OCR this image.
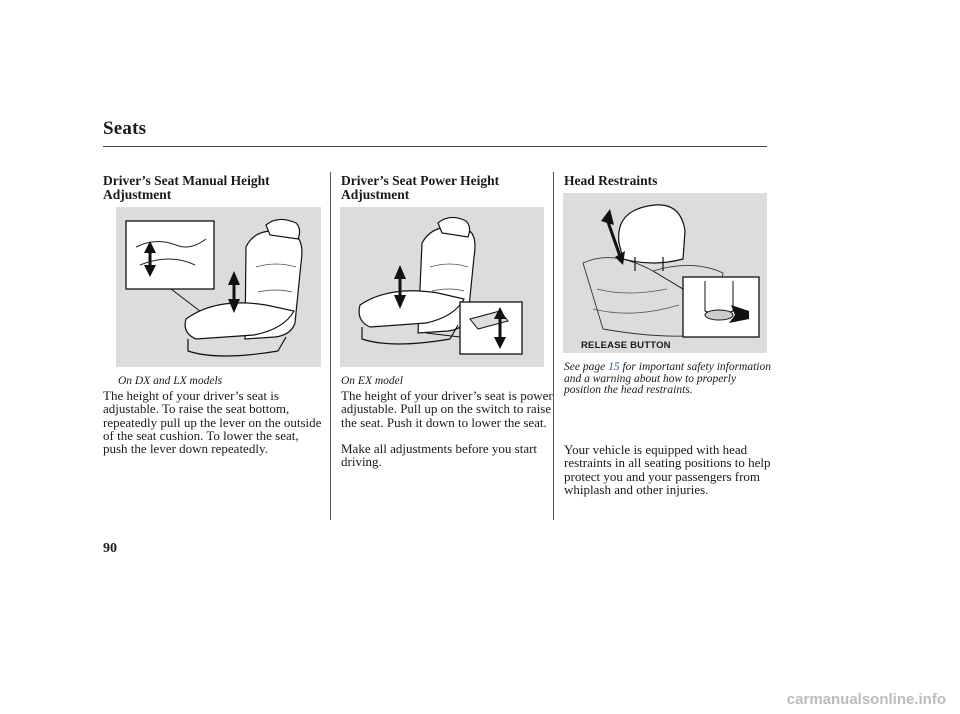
Seats
Driver’s Seat Manual Height
Adjustment
On DX and LX models

The height of your driver’s seat is adjustable. To raise the seat bottom, repeatedly pull up the lever on the outside of the seat cushion. To lower the seat, push the lever down repeatedly.

Driver’s Seat Power Height
Adjustment
On EX model

The height of your driver’s seat is power adjustable. Pull up on the switch to raise the seat. Push it down to lower the seat.

Make all adjustments before you start driving.

Head Restraints
RELEASE BUTTON
See page 15 for important safety information and a warning about how to properly position the head restraints.

Your vehicle is equipped with head restraints in all seating positions to help protect you and your passengers from whiplash and other injuries.

90
carmanualsonline.info
